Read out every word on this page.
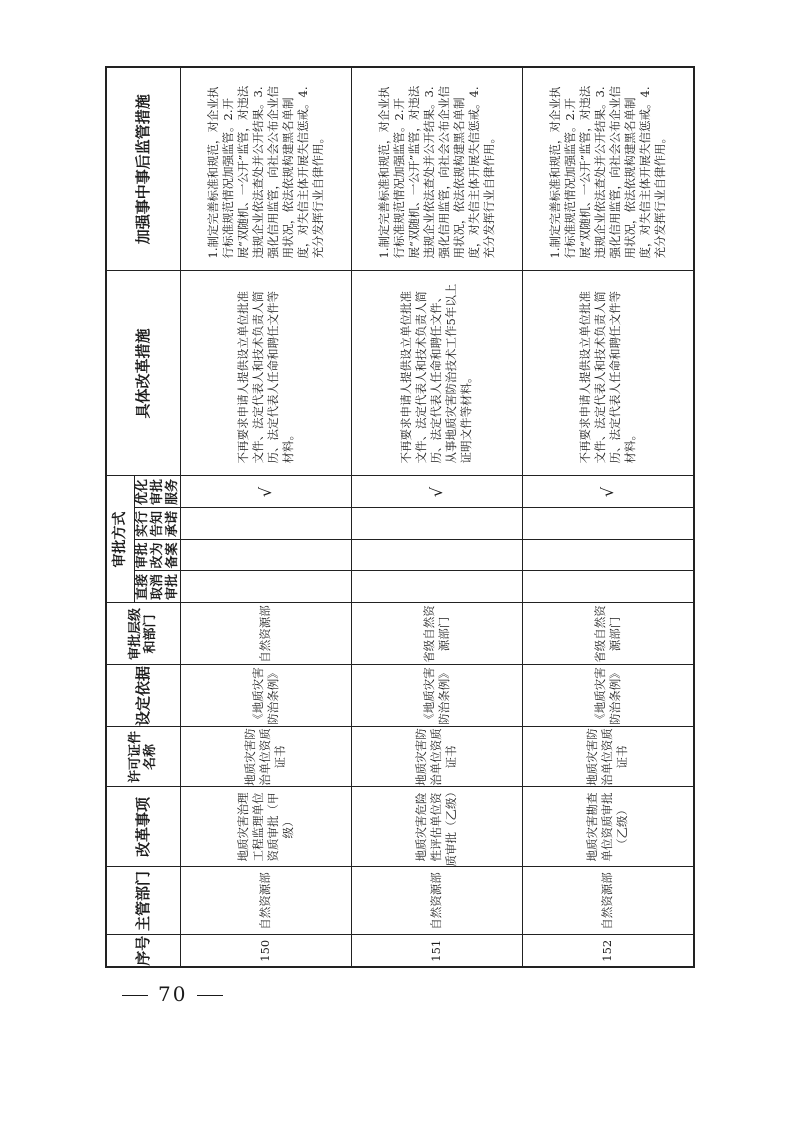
70
序号	主管部门	改革事项	许可证件名称	设定依据	审批层级和部门	审批方式				具体改革措施	加强事中事后监管措施
						直接取消审批	审批改为备案	实行告知承诺	优化审批服务		
150	自然资源部	地质灾害治理工程监理单位资质审批（甲级）	地质灾害防治单位资质证书	《地质灾害防治条例》	自然资源部				√	不再要求申请人提供设立单位批准文件、法定代表人和技术负责人简历、法定代表人任命和聘任文件等材料。	1.制定完善标准和规范，对企业执行标准规范情况加强监管。2.开展“双随机、一公开”监管，对违法违规企业依法查处并公开结果。3.强化信用监管，向社会公布企业信用状况，依法依规构建黑名单制度，对失信主体开展失信惩戒。4.充分发挥行业自律作用。
151	自然资源部	地质灾害危险性评估单位资质审批（乙级）	地质灾害防治单位资质证书	《地质灾害防治条例》	省级自然资源部门				√	不再要求申请人提供设立单位批准文件、法定代表人和技术负责人简历、法定代表人任命和聘任文件、从事地质灾害防治技术工作5年以上证明文件等材料。	1.制定完善标准和规范，对企业执行标准规范情况加强监管。2.开展“双随机、一公开”监管，对违法违规企业依法查处并公开结果。3.强化信用监管，向社会公布企业信用状况，依法依规构建黑名单制度，对失信主体开展失信惩戒。4.充分发挥行业自律作用。
152	自然资源部	地质灾害勘查单位资质审批（乙级）	地质灾害防治单位资质证书	《地质灾害防治条例》	省级自然资源部门				√	不再要求申请人提供设立单位批准文件、法定代表人和技术负责人简历、法定代表人任命和聘任文件等材料。	1.制定完善标准和规范，对企业执行标准规范情况加强监管。2.开展“双随机、一公开”监管，对违法违规企业依法查处并公开结果。3.强化信用监管，向社会公布企业信用状况，依法依规构建黑名单制度，对失信主体开展失信惩戒。4.充分发挥行业自律作用。
